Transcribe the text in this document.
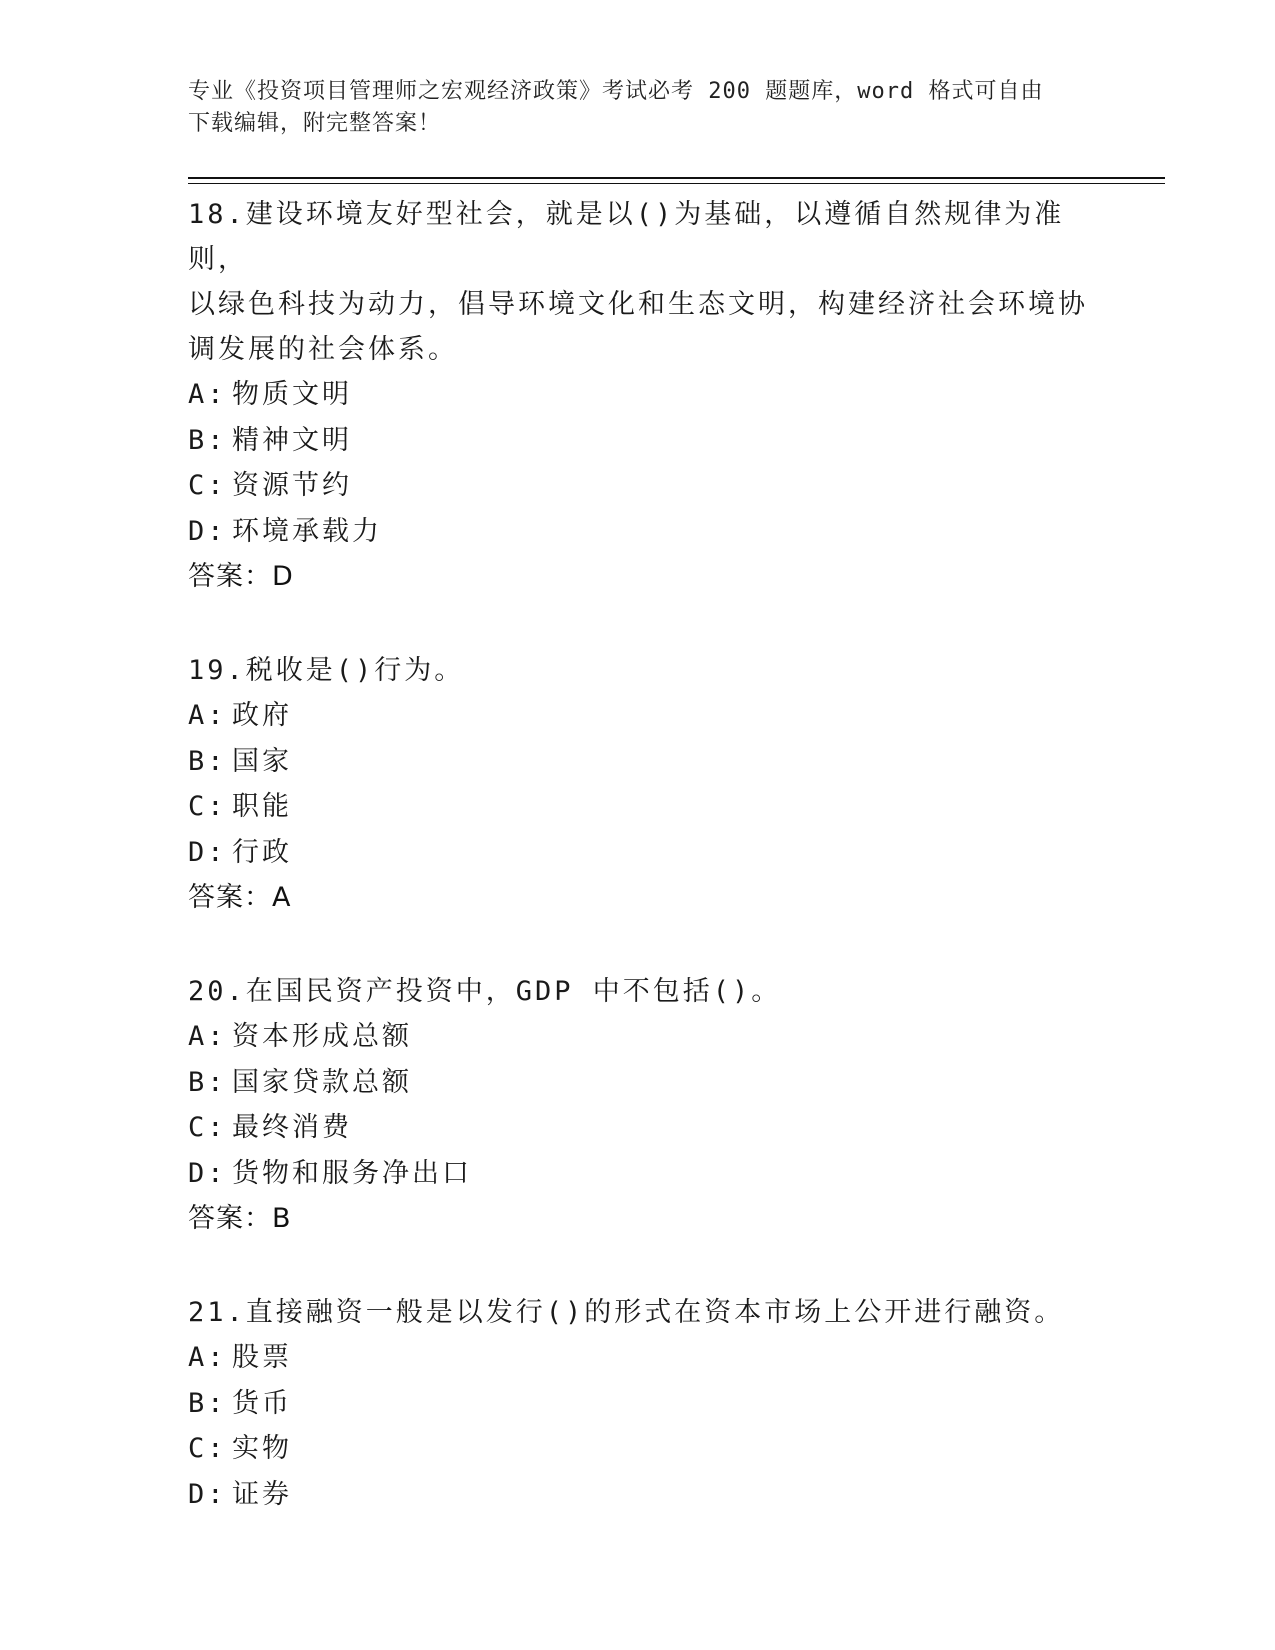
专业《投资项目管理师之宏观经济政策》考试必考 200 题题库，word 格式可自由
下载编辑，附完整答案！
18.建设环境友好型社会，就是以()为基础，以遵循自然规律为准则，
以绿色科技为动力，倡导环境文化和生态文明，构建经济社会环境协
调发展的社会体系。
A: 物质文明
B: 精神文明
C: 资源节约
D: 环境承载力
答案：D
19.税收是()行为。
A: 政府
B: 国家
C: 职能
D: 行政
答案：A
20.在国民资产投资中，GDP 中不包括()。
A: 资本形成总额
B: 国家贷款总额
C: 最终消费
D: 货物和服务净出口
答案：B
21.直接融资一般是以发行()的形式在资本市场上公开进行融资。
A: 股票
B: 货币
C: 实物
D: 证券
